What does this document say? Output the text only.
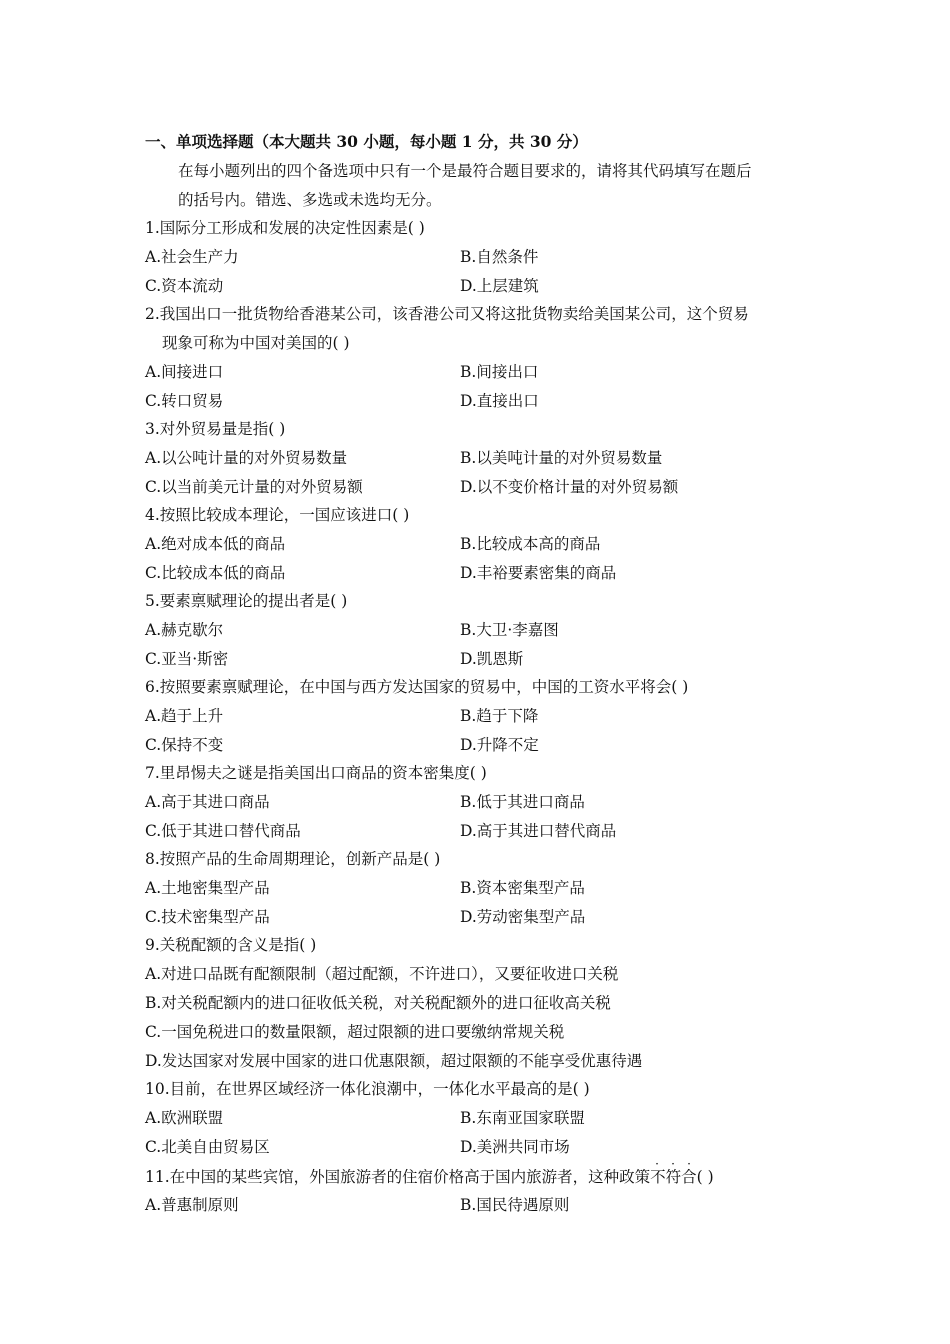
一、单项选择题（本大题共 30 小题，每小题 1 分，共 30 分）
在每小题列出的四个备选项中只有一个是最符合题目要求的，请将其代码填写在题后
的括号内。错选、多选或未选均无分。
1.国际分工形成和发展的决定性因素是( )
A.社会生产力	B.自然条件
C.资本流动	D.上层建筑
2.我国出口一批货物给香港某公司，该香港公司又将这批货物卖给美国某公司，这个贸易
现象可称为中国对美国的( )
A.间接进口	B.间接出口
C.转口贸易	D.直接出口
3.对外贸易量是指( )
A.以公吨计量的对外贸易数量	B.以美吨计量的对外贸易数量
C.以当前美元计量的对外贸易额	D.以不变价格计量的对外贸易额
4.按照比较成本理论，一国应该进口( )
A.绝对成本低的商品	B.比较成本高的商品
C.比较成本低的商品	D.丰裕要素密集的商品
5.要素禀赋理论的提出者是( )
A.赫克歇尔	B.大卫·李嘉图
C.亚当·斯密	D.凯恩斯
6.按照要素禀赋理论，在中国与西方发达国家的贸易中，中国的工资水平将会( )
A.趋于上升	B.趋于下降
C.保持不变	D.升降不定
7.里昂惕夫之谜是指美国出口商品的资本密集度( )
A.高于其进口商品	B.低于其进口商品
C.低于其进口替代商品	D.高于其进口替代商品
8.按照产品的生命周期理论，创新产品是( )
A.土地密集型产品	B.资本密集型产品
C.技术密集型产品	D.劳动密集型产品
9.关税配额的含义是指( )
A.对进口品既有配额限制（超过配额，不许进口），又要征收进口关税
B.对关税配额内的进口征收低关税，对关税配额外的进口征收高关税
C.一国免税进口的数量限额，超过限额的进口要缴纳常规关税
D.发达国家对发展中国家的进口优惠限额，超过限额的不能享受优惠待遇
10.目前，在世界区域经济一体化浪潮中，一体化水平最高的是( )
A.欧洲联盟	B.东南亚国家联盟
C.北美自由贸易区	D.美洲共同市场
11.在中国的某些宾馆，外国旅游者的住宿价格高于国内旅游者，这种政策不符合
· · ·
( )
A.普惠制原则	B.国民待遇原则
